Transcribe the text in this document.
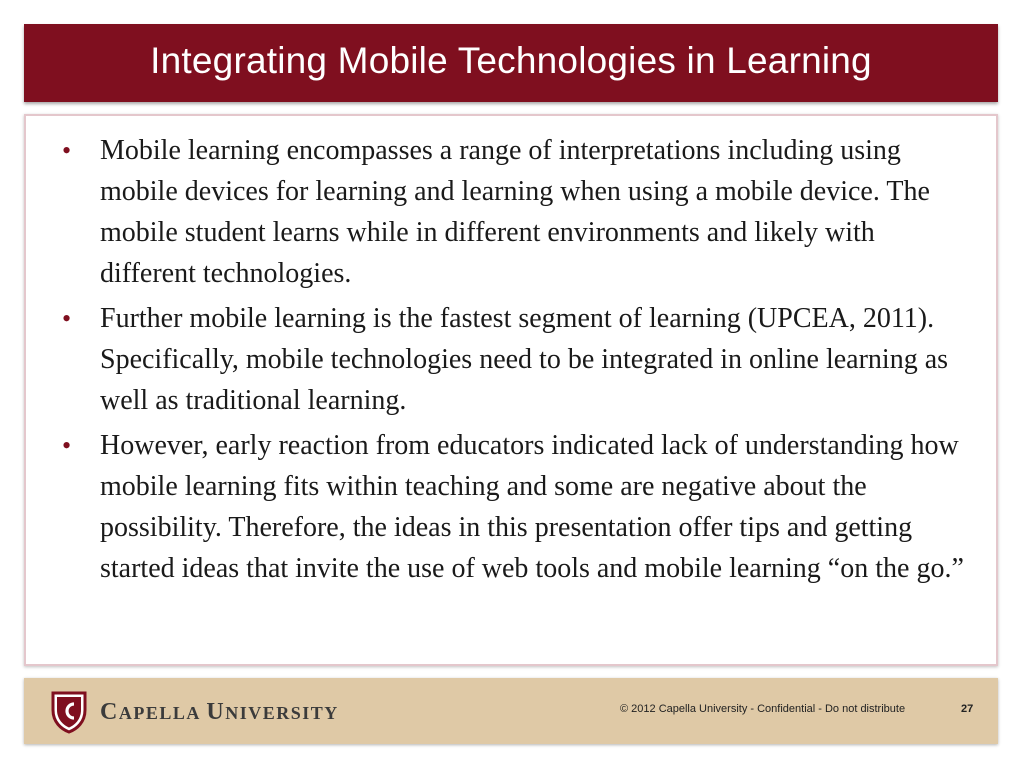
Integrating Mobile Technologies in Learning
• Mobile learning encompasses a range of interpretations including using mobile devices for learning and learning when using a mobile device. The mobile student learns while in different environments and likely with different technologies.
• Further mobile learning is the fastest segment of learning (UPCEA, 2011). Specifically, mobile technologies need to be integrated in online learning as well as traditional learning.
• However, early reaction from educators indicated lack of understanding how mobile learning fits within teaching and some are negative about the possibility. Therefore, the ideas in this presentation offer tips and getting started ideas that invite the use of web tools and mobile learning “on the go.”
CAPELLA UNIVERSITY	© 2012 Capella University - Confidential - Do not distribute	27
